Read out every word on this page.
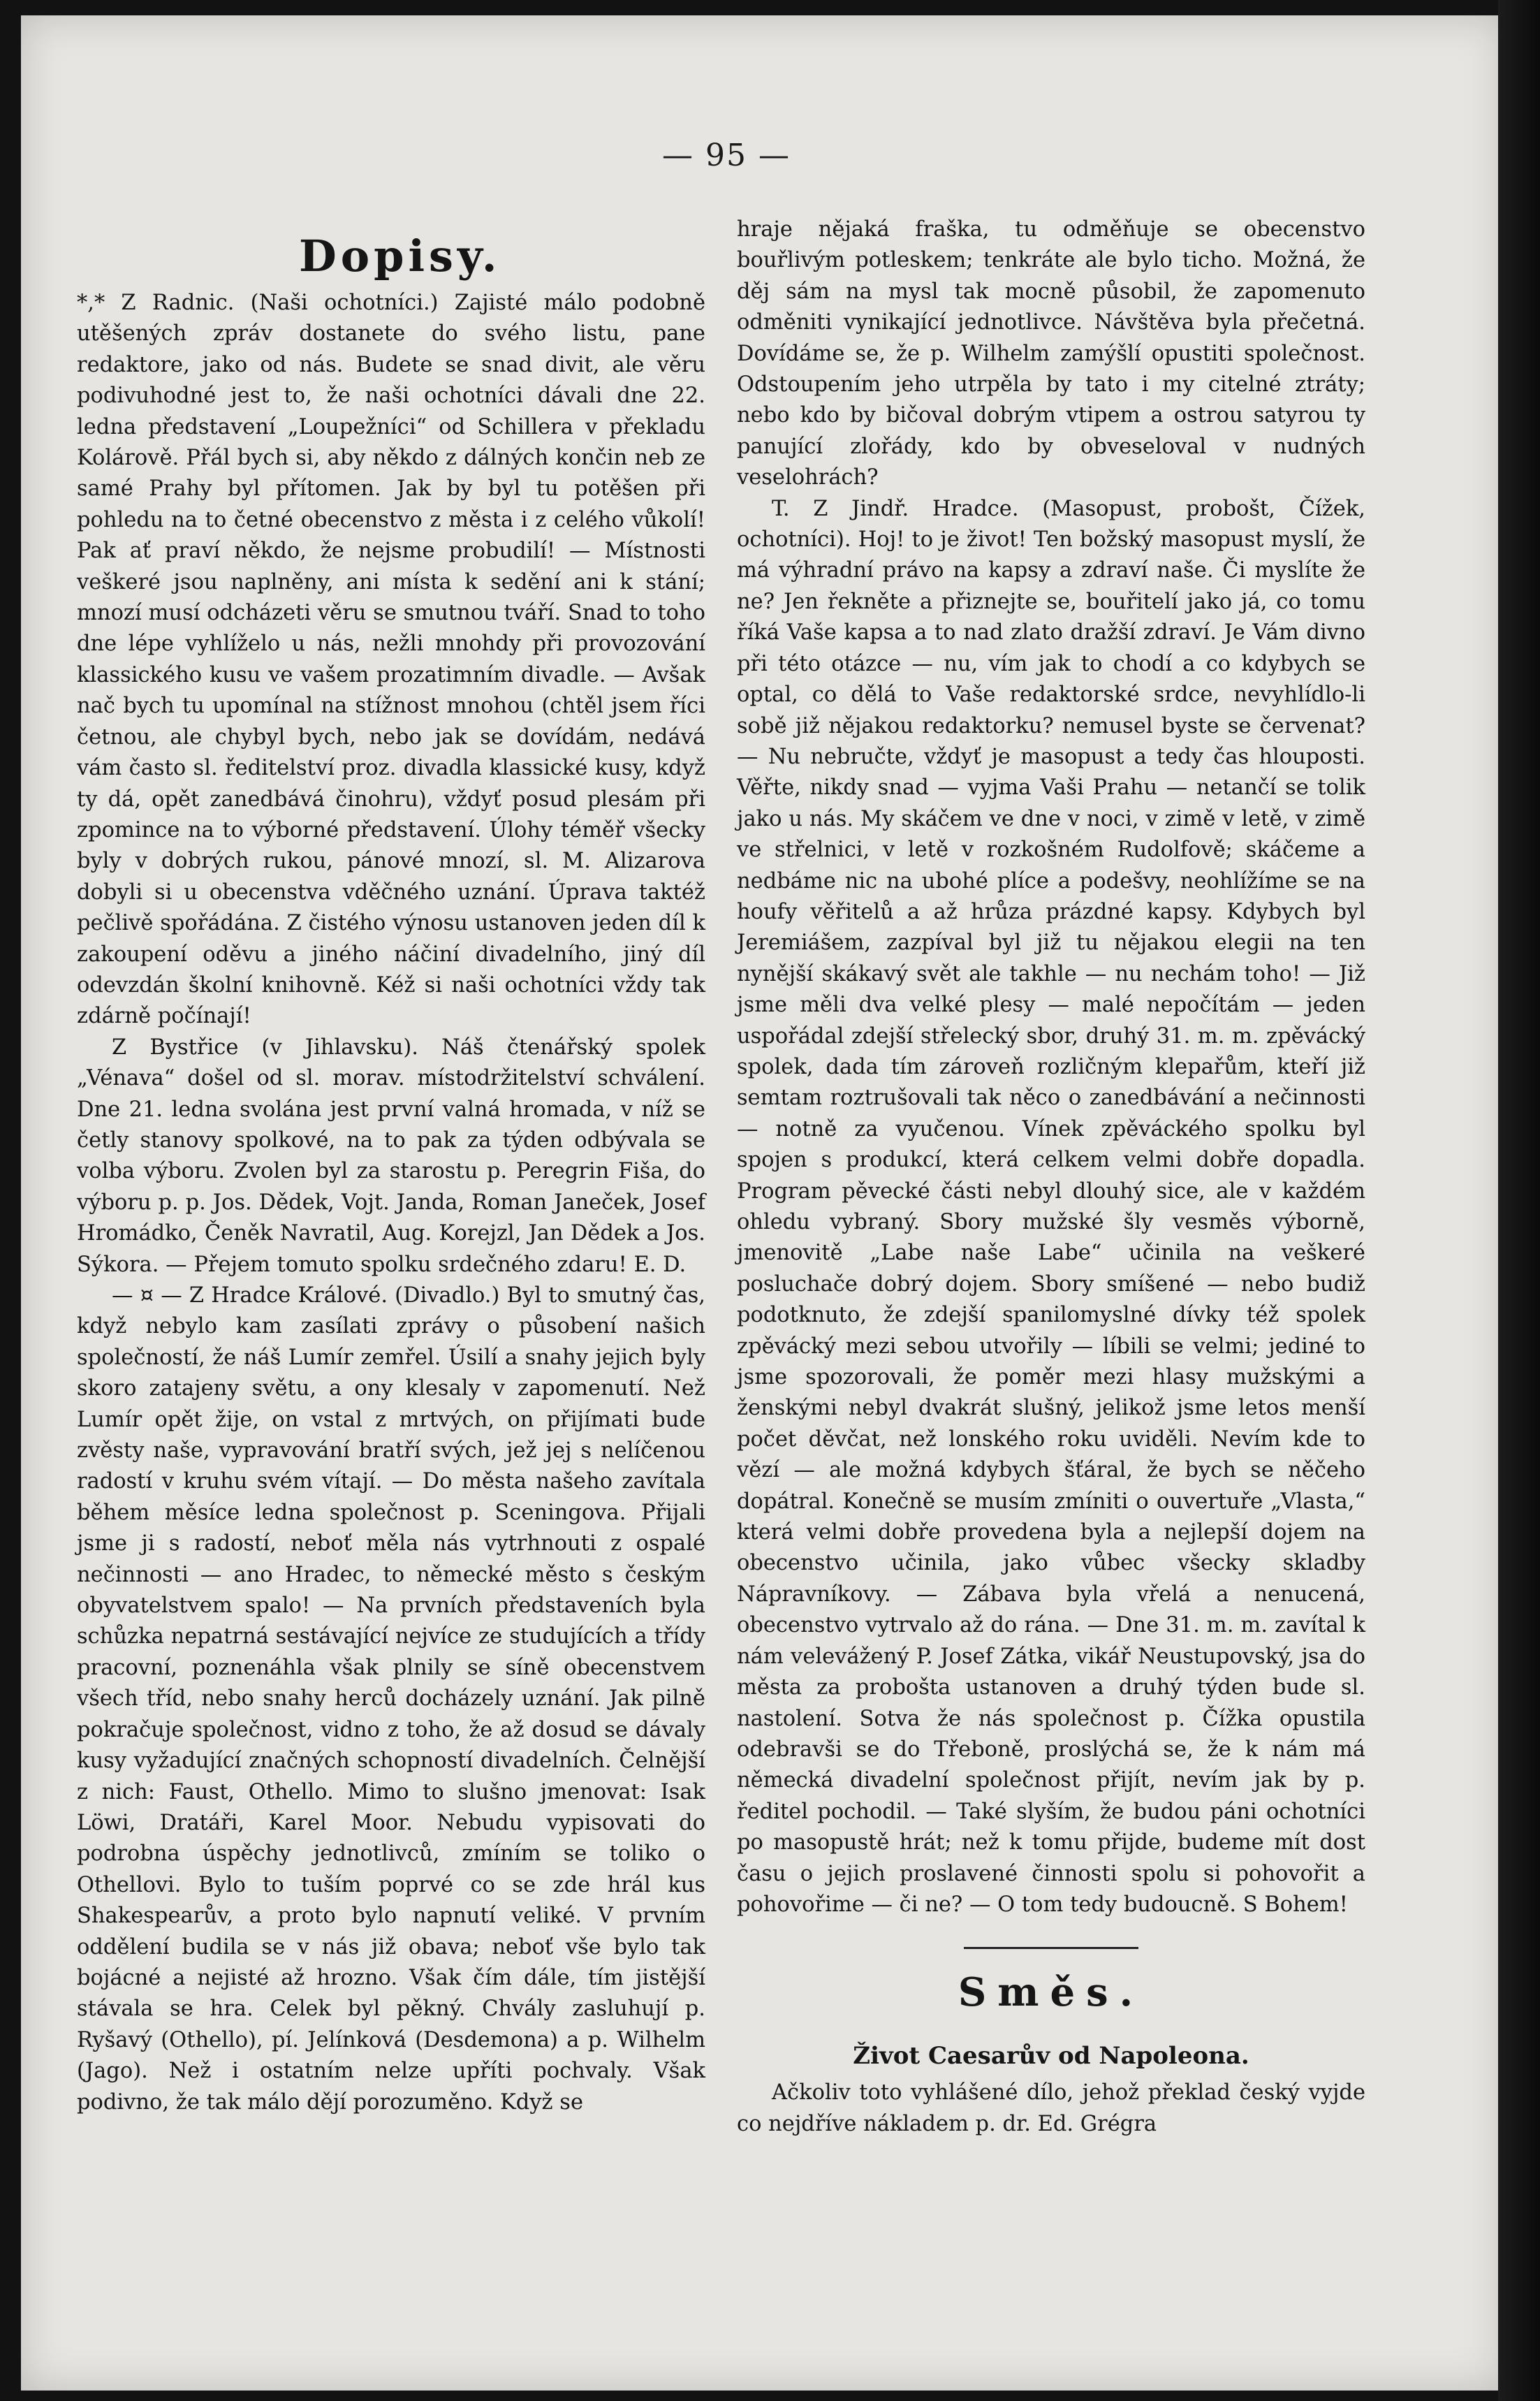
— 95 —
Dopisy.

*,* Z Radnic. (Naši ochotníci.) Zajisté málo podobně utěšených zpráv dostanete do svého listu, pane redaktore, jako od nás. Budete se snad divit, ale věru podivuhodné jest to, že naši ochotníci dávali dne 22. ledna představení „Loupežníci“ od Schillera v překladu Kolárově. Přál bych si, aby někdo z dálných končin neb ze samé Prahy byl přítomen. Jak by byl tu potěšen při pohledu na to četné obecenstvo z města i z celého vůkolí! Pak ať praví někdo, že nejsme probudilí! — Místnosti veškeré jsou naplněny, ani místa k sedění ani k stání; mnozí musí odcházeti věru se smutnou tváří. Snad to toho dne lépe vyhlíželo u nás, nežli mnohdy při provozování klassického kusu ve vašem prozatimním divadle. — Avšak nač bych tu upomínal na stížnost mnohou (chtěl jsem říci četnou, ale chybyl bych, nebo jak se dovídám, nedává vám často sl. ředitelství proz. divadla klassické kusy, když ty dá, opět zanedbává činohru), vždyť posud plesám při zpomince na to výborné představení. Úlohy téměř všecky byly v dobrých rukou, pánové mnozí, sl. M. Alizarova dobyli si u obecenstva vděčného uznání. Úprava taktéž pečlivě spořádána. Z čistého výnosu ustanoven jeden díl k zakoupení oděvu a jiného náčiní divadelního, jiný díl odevzdán školní knihovně. Kéž si naši ochotníci vždy tak zdárně počínají!

Z Bystřice (v Jihlavsku). Náš čtenářský spolek „Vénava“ došel od sl. morav. místodržitelství schválení. Dne 21. ledna svolána jest první valná hromada, v níž se četly stanovy spolkové, na to pak za týden odbývala se volba výboru. Zvolen byl za starostu p. Peregrin Fiša, do výboru p. p. Jos. Dědek, Vojt. Janda, Roman Janeček, Josef Hromádko, Čeněk Navratil, Aug. Korejzl, Jan Dědek a Jos. Sýkora. — Přejem tomuto spolku srdečného zdaru! E. D.

— ¤ — Z Hradce Králové. (Divadlo.) Byl to smutný čas, když nebylo kam zasílati zprávy o působení našich společností, že náš Lumír zemřel. Úsilí a snahy jejich byly skoro zatajeny světu, a ony klesaly v zapomenutí. Než Lumír opět žije, on vstal z mrtvých, on přijímati bude zvěsty naše, vypravování bratří svých, jež jej s nelíčenou radostí v kruhu svém vítají. — Do města našeho zavítala během měsíce ledna společnost p. Sceningova. Přijali jsme ji s radostí, neboť měla nás vytrhnouti z ospalé nečinnosti — ano Hradec, to německé město s českým obyvatelstvem spalo! — Na prvních představeních byla schůzka nepatrná sestávající nejvíce ze studujících a třídy pracovní, poznenáhla však plnily se síně obecenstvem všech tříd, nebo snahy herců docházely uznání. Jak pilně pokračuje společnost, vidno z toho, že až dosud se dávaly kusy vyžadující značných schopností divadelních. Čelnější z nich: Faust, Othello. Mimo to slušno jmenovat: Isak Löwi, Dratáři, Karel Moor. Nebudu vypisovati do podrobna úspěchy jednotlivců, zmíním se toliko o Othellovi. Bylo to tuším poprvé co se zde hrál kus Shakespearův, a proto bylo napnutí veliké. V prvním oddělení budila se v nás již obava; neboť vše bylo tak bojácné a nejisté až hrozno. Však čím dále, tím jistější stávala se hra. Celek byl pěkný. Chvály zasluhují p. Ryšavý (Othello), pí. Jelínková (Desdemona) a p. Wilhelm (Jago). Než i ostatním nelze upříti pochvaly. Však podivno, že tak málo dějí porozuměno. Když se

hraje nějaká fraška, tu odměňuje se obecenstvo bouřlivým potleskem; tenkráte ale bylo ticho. Možná, že děj sám na mysl tak mocně působil, že zapomenuto odměniti vynikající jednotlivce. Návštěva byla přečetná. Dovídáme se, že p. Wilhelm zamýšlí opustiti společnost. Odstoupením jeho utrpěla by tato i my citelné ztráty; nebo kdo by bičoval dobrým vtipem a ostrou satyrou ty panující zlořády, kdo by obveseloval v nudných veselohrách?

T. Z Jindř. Hradce. (Masopust, probošt, Čížek, ochotníci). Hoj! to je život! Ten božský masopust myslí, že má výhradní právo na kapsy a zdraví naše. Či myslíte že ne? Jen řekněte a přiznejte se, bouřitelí jako já, co tomu říká Vaše kapsa a to nad zlato dražší zdraví. Je Vám divno při této otázce — nu, vím jak to chodí a co kdybych se optal, co dělá to Vaše redaktorské srdce, nevyhlídlo-li sobě již nějakou redaktorku? nemusel byste se červenat? — Nu nebručte, vždyť je masopust a tedy čas hlouposti. Věřte, nikdy snad — vyjma Vaši Prahu — netančí se tolik jako u nás. My skáčem ve dne v noci, v zimě v letě, v zimě ve střelnici, v letě v rozkošném Rudolfově; skáčeme a nedbáme nic na ubohé plíce a podešvy, neohlížíme se na houfy věřitelů a až hrůza prázdné kapsy. Kdybych byl Jeremiášem, zazpíval byl již tu nějakou elegii na ten nynější skákavý svět ale takhle — nu nechám toho! — Již jsme měli dva velké plesy — malé nepočítám — jeden uspořádal zdejší střelecký sbor, druhý 31. m. m. zpěvácký spolek, dada tím zároveň rozličným klepařům, kteří již semtam roztrušovali tak něco o zanedbávání a nečinnosti — notně za vyučenou. Vínek zpěváckého spolku byl spojen s produkcí, která celkem velmi dobře dopadla. Program pěvecké části nebyl dlouhý sice, ale v každém ohledu vybraný. Sbory mužské šly vesměs výborně, jmenovitě „Labe naše Labe“ učinila na veškeré posluchače dobrý dojem. Sbory smíšené — nebo budiž podotknuto, že zdejší spanilomyslné dívky též spolek zpěvácký mezi sebou utvořily — líbili se velmi; jediné to jsme spozorovali, že poměr mezi hlasy mužskými a ženskými nebyl dvakrát slušný, jelikož jsme letos menší počet děvčat, než lonského roku uviděli. Nevím kde to vězí — ale možná kdybych šťáral, že bych se něčeho dopátral. Konečně se musím zmíniti o ouvertuře „Vlasta,“ která velmi dobře provedena byla a nejlepší dojem na obecenstvo učinila, jako vůbec všecky skladby Nápravníkovy. — Zábava byla vřelá a nenucená, obecenstvo vytrvalo až do rána. — Dne 31. m. m. zavítal k nám velevážený P. Josef Zátka, vikář Neustupovský, jsa do města za probošta ustanoven a druhý týden bude sl. nastolení. Sotva že nás společnost p. Čížka opustila odebravši se do Třeboně, proslýchá se, že k nám má německá divadelní společnost přijít, nevím jak by p. ředitel pochodil. — Také slyším, že budou páni ochotníci po masopustě hrát; než k tomu přijde, budeme mít dost času o jejich proslavené činnosti spolu si pohovořit a pohovořime — či ne? — O tom tedy budoucně. S Bohem!

Směs.
Život Caesarův od Napoleona.

Ačkoliv toto vyhlášené dílo, jehož překlad český vyjde co nejdříve nákladem p. dr. Ed. Grégra
